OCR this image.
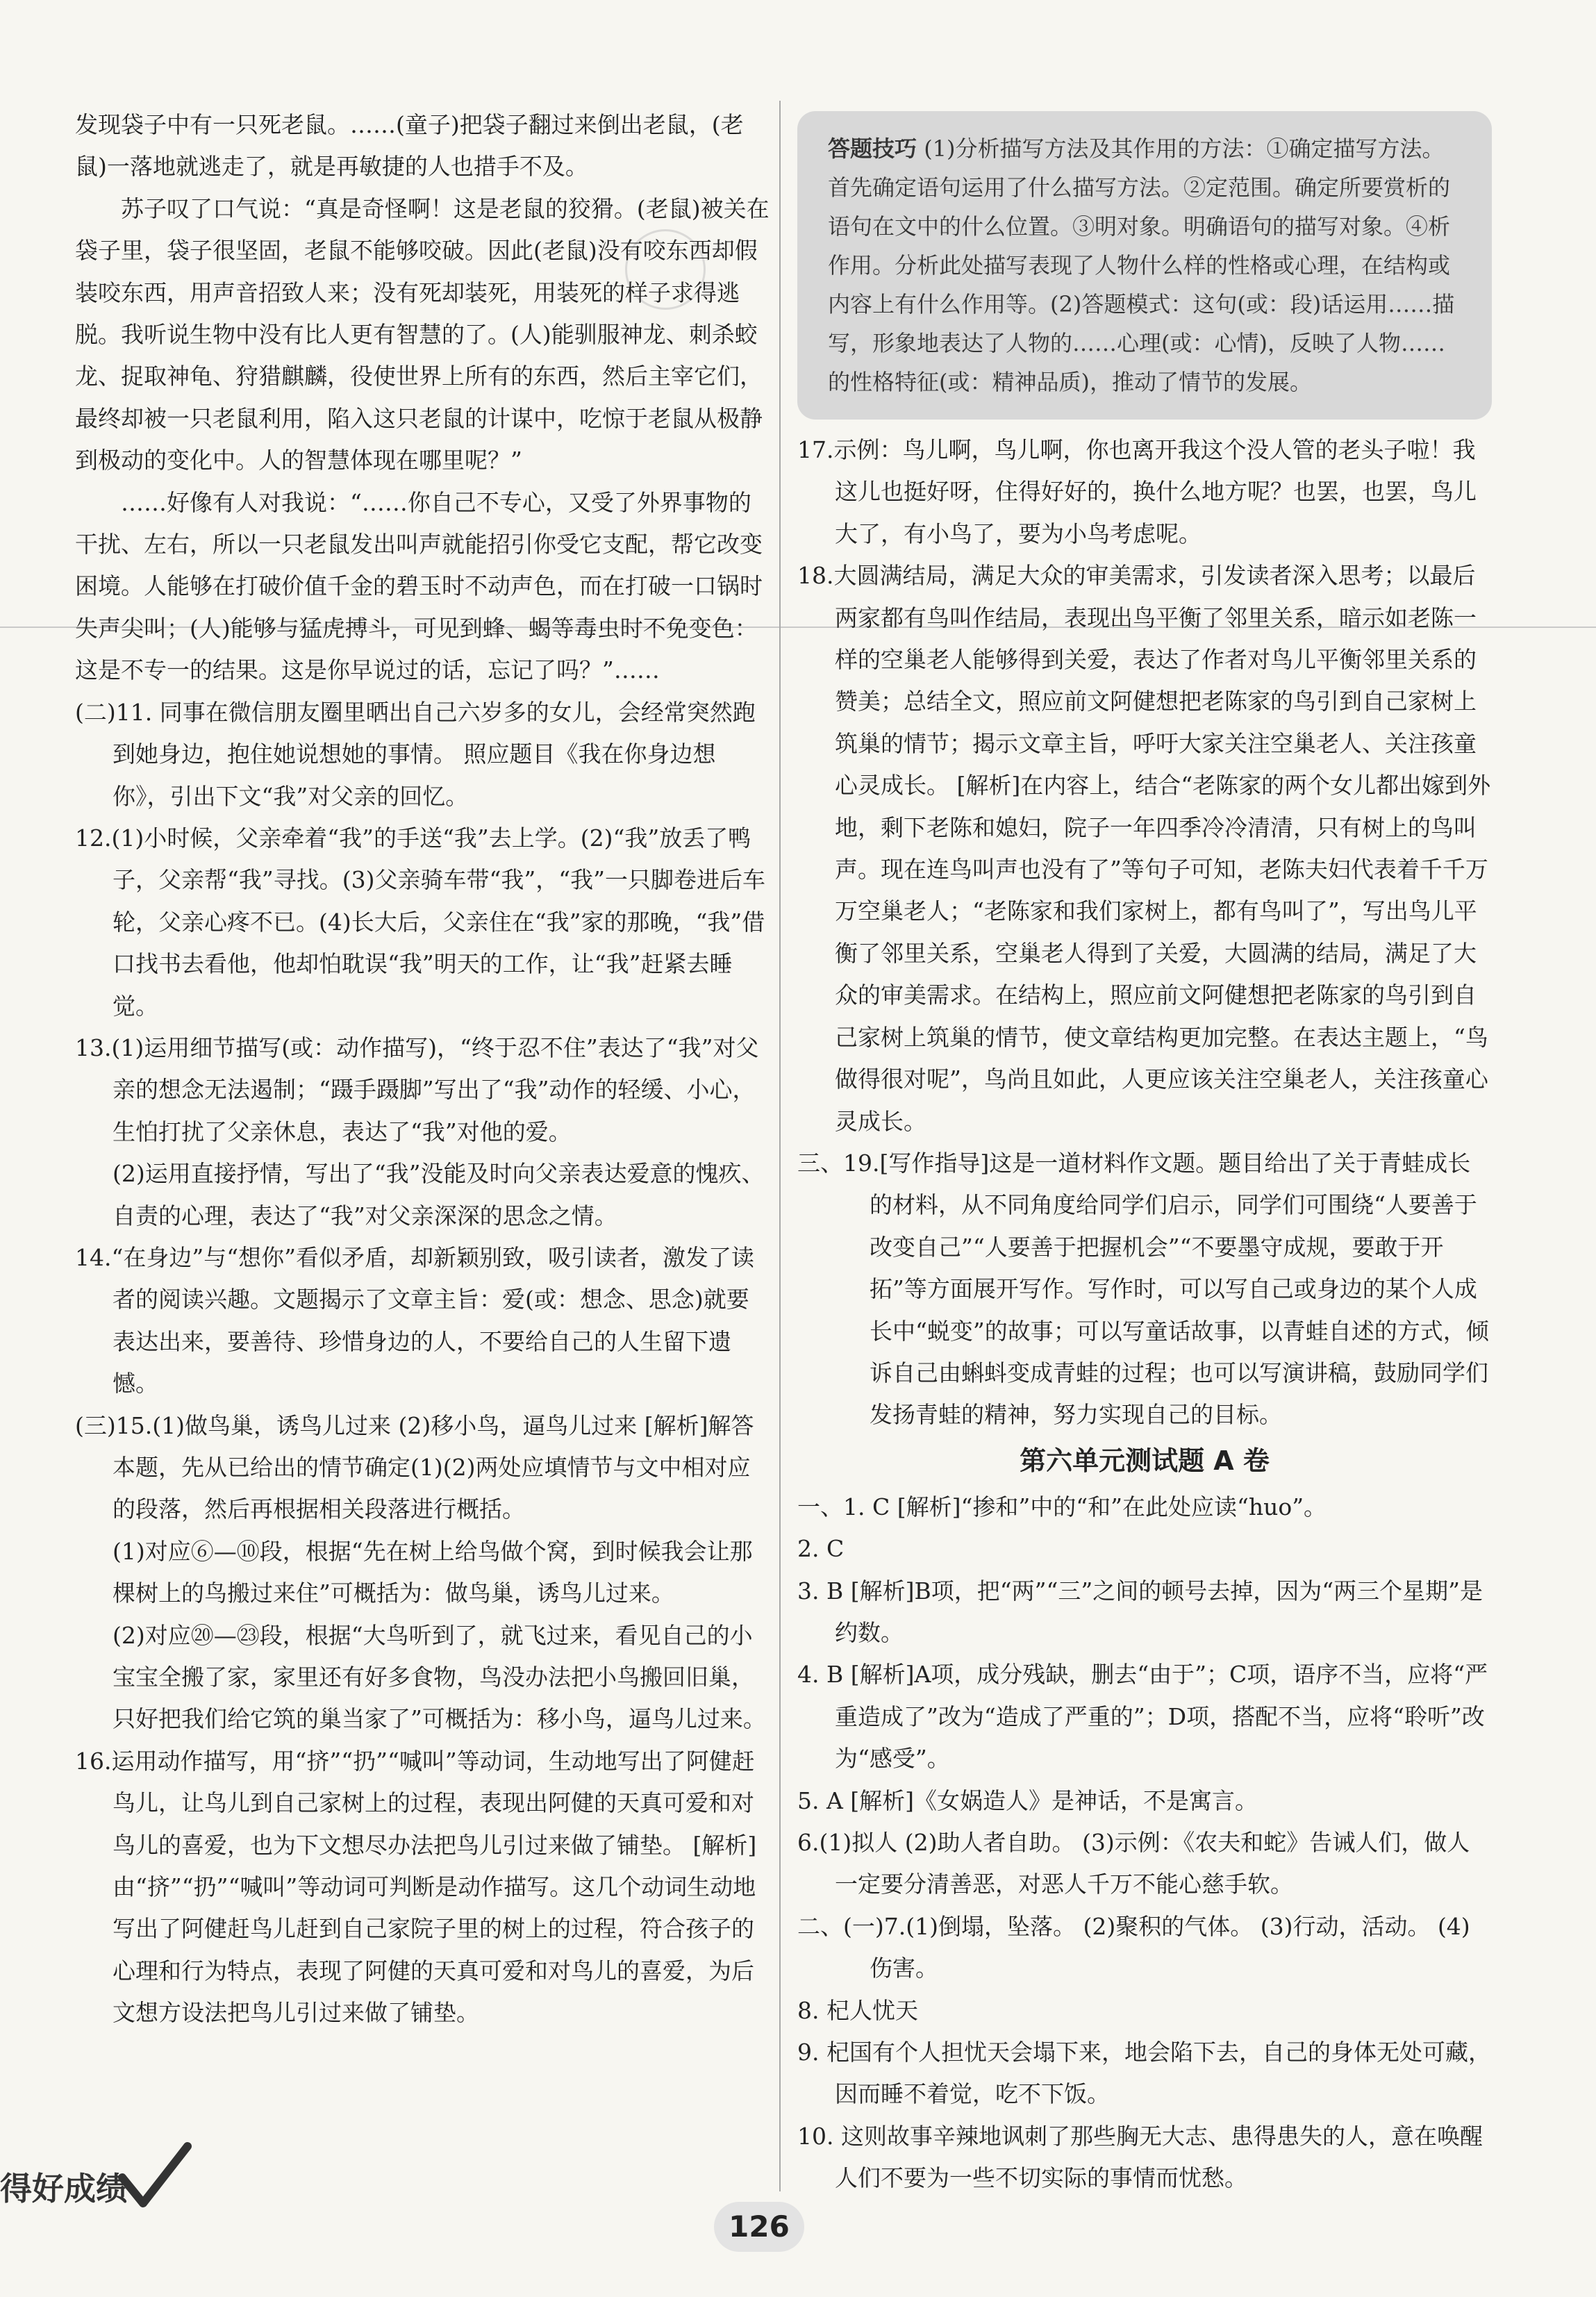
发现袋子中有一只死老鼠。……(童子)把袋子翻过来倒出老鼠，(老鼠)一落地就逃走了，就是再敏捷的人也措手不及。

苏子叹了口气说：“真是奇怪啊！这是老鼠的狡猾。(老鼠)被关在袋子里，袋子很坚固，老鼠不能够咬破。因此(老鼠)没有咬东西却假装咬东西，用声音招致人来；没有死却装死，用装死的样子求得逃脱。我听说生物中没有比人更有智慧的了。(人)能驯服神龙、刺杀蛟龙、捉取神龟、狩猎麒麟，役使世界上所有的东西，然后主宰它们，最终却被一只老鼠利用，陷入这只老鼠的计谋中，吃惊于老鼠从极静到极动的变化中。人的智慧体现在哪里呢？”

……好像有人对我说：“……你自己不专心，又受了外界事物的干扰、左右，所以一只老鼠发出叫声就能招引你受它支配，帮它改变困境。人能够在打破价值千金的碧玉时不动声色，而在打破一口锅时失声尖叫；(人)能够与猛虎搏斗，可见到蜂、蝎等毒虫时不免变色：这是不专一的结果。这是你早说过的话，忘记了吗？”……

(二)11. 同事在微信朋友圈里晒出自己六岁多的女儿，会经常突然跑到她身边，抱住她说想她的事情。 照应题目《我在你身边想你》，引出下文“我”对父亲的回忆。

12.(1)小时候，父亲牵着“我”的手送“我”去上学。(2)“我”放丢了鸭子，父亲帮“我”寻找。(3)父亲骑车带“我”，“我”一只脚卷进后车轮，父亲心疼不已。(4)长大后，父亲住在“我”家的那晚，“我”借口找书去看他，他却怕耽误“我”明天的工作，让“我”赶紧去睡觉。

13.(1)运用细节描写(或：动作描写)，“终于忍不住”表达了“我”对父亲的想念无法遏制；“蹑手蹑脚”写出了“我”动作的轻缓、小心，生怕打扰了父亲休息，表达了“我”对他的爱。

(2)运用直接抒情，写出了“我”没能及时向父亲表达爱意的愧疚、自责的心理，表达了“我”对父亲深深的思念之情。

14.“在身边”与“想你”看似矛盾，却新颖别致，吸引读者，激发了读者的阅读兴趣。文题揭示了文章主旨：爱(或：想念、思念)就要表达出来，要善待、珍惜身边的人，不要给自己的人生留下遗憾。

(三)15.(1)做鸟巢，诱鸟儿过来 (2)移小鸟，逼鸟儿过来 [解析]解答本题，先从已给出的情节确定(1)(2)两处应填情节与文中相对应的段落，然后再根据相关段落进行概括。

(1)对应⑥—⑩段，根据“先在树上给鸟做个窝，到时候我会让那棵树上的鸟搬过来住”可概括为：做鸟巢，诱鸟儿过来。

(2)对应⑳—㉓段，根据“大鸟听到了，就飞过来，看见自己的小宝宝全搬了家，家里还有好多食物，鸟没办法把小鸟搬回旧巢，只好把我们给它筑的巢当家了”可概括为：移小鸟，逼鸟儿过来。

16.运用动作描写，用“挤”“扔”“喊叫”等动词，生动地写出了阿健赶鸟儿，让鸟儿到自己家树上的过程，表现出阿健的天真可爱和对鸟儿的喜爱，也为下文想尽办法把鸟儿引过来做了铺垫。 [解析]由“挤”“扔”“喊叫”等动词可判断是动作描写。这几个动词生动地写出了阿健赶鸟儿赶到自己家院子里的树上的过程，符合孩子的心理和行为特点，表现了阿健的天真可爱和对鸟儿的喜爱，为后文想方设法把鸟儿引过来做了铺垫。

答题技巧 (1)分析描写方法及其作用的方法：①确定描写方法。首先确定语句运用了什么描写方法。②定范围。确定所要赏析的语句在文中的什么位置。③明对象。明确语句的描写对象。④析作用。分析此处描写表现了人物什么样的性格或心理，在结构或内容上有什么作用等。(2)答题模式：这句(或：段)话运用……描写，形象地表达了人物的……心理(或：心情)，反映了人物……的性格特征(或：精神品质)，推动了情节的发展。

17.示例：鸟儿啊，鸟儿啊，你也离开我这个没人管的老头子啦！我这儿也挺好呀，住得好好的，换什么地方呢？也罢，也罢，鸟儿大了，有小鸟了，要为小鸟考虑呢。

18.大圆满结局，满足大众的审美需求，引发读者深入思考；以最后两家都有鸟叫作结局，表现出鸟平衡了邻里关系，暗示如老陈一样的空巢老人能够得到关爱，表达了作者对鸟儿平衡邻里关系的赞美；总结全文，照应前文阿健想把老陈家的鸟引到自己家树上筑巢的情节；揭示文章主旨，呼吁大家关注空巢老人、关注孩童心灵成长。 [解析]在内容上，结合“老陈家的两个女儿都出嫁到外地，剩下老陈和媳妇，院子一年四季冷冷清清，只有树上的鸟叫声。现在连鸟叫声也没有了”等句子可知，老陈夫妇代表着千千万万空巢老人；“老陈家和我们家树上，都有鸟叫了”，写出鸟儿平衡了邻里关系，空巢老人得到了关爱，大圆满的结局，满足了大众的审美需求。在结构上，照应前文阿健想把老陈家的鸟引到自己家树上筑巢的情节，使文章结构更加完整。在表达主题上，“鸟做得很对呢”，鸟尚且如此，人更应该关注空巢老人，关注孩童心灵成长。

三、19.[写作指导]这是一道材料作文题。题目给出了关于青蛙成长的材料，从不同角度给同学们启示，同学们可围绕“人要善于改变自己”“人要善于把握机会”“不要墨守成规，要敢于开拓”等方面展开写作。写作时，可以写自己或身边的某个人成长中“蜕变”的故事；可以写童话故事，以青蛙自述的方式，倾诉自己由蝌蚪变成青蛙的过程；也可以写演讲稿，鼓励同学们发扬青蛙的精神，努力实现自己的目标。

第六单元测试题 A 卷

一、1. C [解析]“掺和”中的“和”在此处应读“huo”。

2. C

3. B [解析]B项，把“两”“三”之间的顿号去掉，因为“两三个星期”是约数。

4. B [解析]A项，成分残缺，删去“由于”；C项，语序不当，应将“严重造成了”改为“造成了严重的”；D项，搭配不当，应将“聆听”改为“感受”。

5. A [解析]《女娲造人》是神话，不是寓言。

6.(1)拟人 (2)助人者自助。 (3)示例：《农夫和蛇》告诫人们，做人一定要分清善恶，对恶人千万不能心慈手软。

二、(一)7.(1)倒塌，坠落。 (2)聚积的气体。 (3)行动，活动。 (4)伤害。

8. 杞人忧天

9. 杞国有个人担忧天会塌下来，地会陷下去，自己的身体无处可藏，因而睡不着觉，吃不下饭。

10. 这则故事辛辣地讽刺了那些胸无大志、患得患失的人，意在唤醒人们不要为一些不切实际的事情而忧愁。

得好成绩
126
